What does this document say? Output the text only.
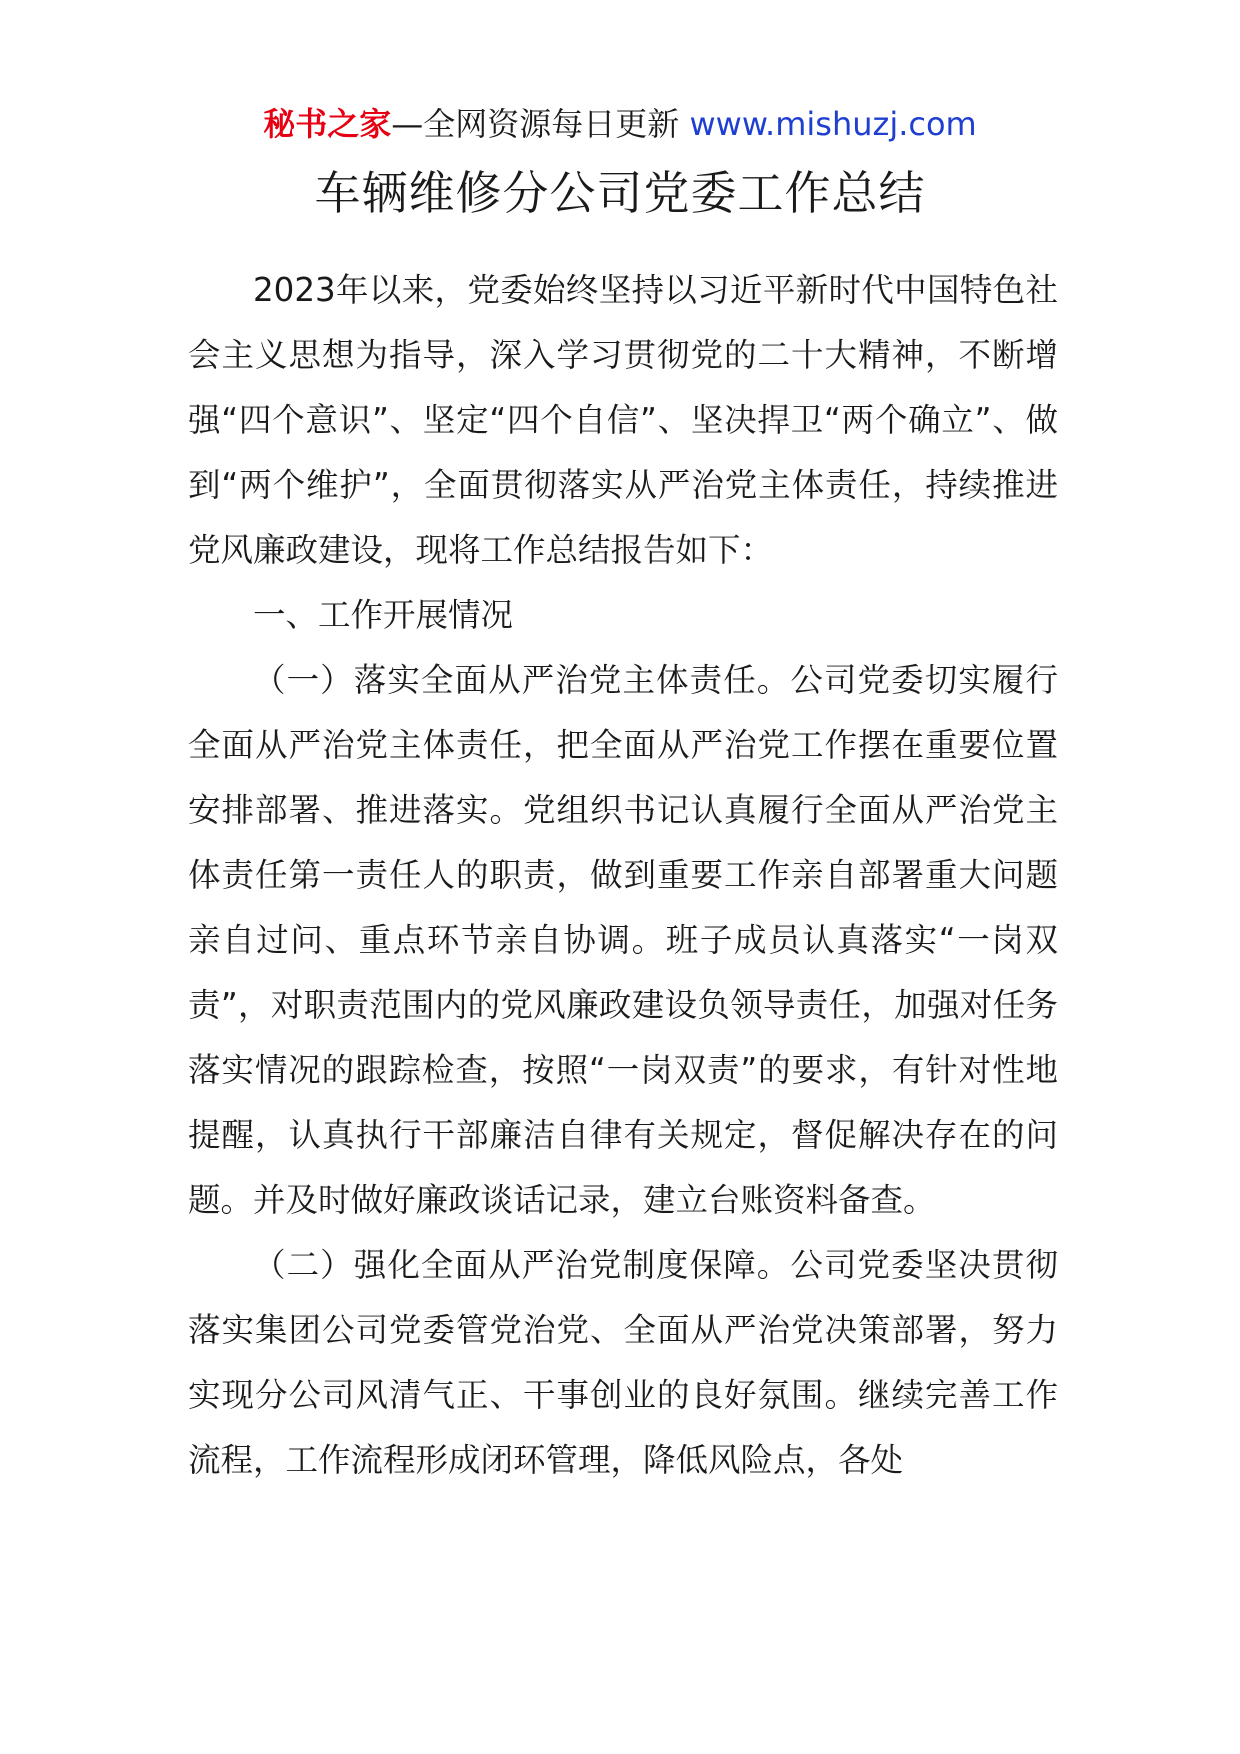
秘书之家—全网资源每日更新 www.mishuzj.com
车辆维修分公司党委工作总结

2023年以来，党委始终坚持以习近平新时代中国特色社会主义思想为指导，深入学习贯彻党的二十大精神，不断增强“四个意识”、坚定“四个自信”、坚决捍卫“两个确立”、做到“两个维护”，全面贯彻落实从严治党主体责任，持续推进党风廉政建设，现将工作总结报告如下：

一、工作开展情况

（一）落实全面从严治党主体责任。公司党委切实履行全面从严治党主体责任，把全面从严治党工作摆在重要位置安排部署、推进落实。党组织书记认真履行全面从严治党主体责任第一责任人的职责，做到重要工作亲自部署重大问题亲自过问、重点环节亲自协调。班子成员认真落实“一岗双责”，对职责范围内的党风廉政建设负领导责任，加强对任务落实情况的跟踪检查，按照“一岗双责”的要求，有针对性地提醒，认真执行干部廉洁自律有关规定，督促解决存在的问题。并及时做好廉政谈话记录，建立台账资料备查。

（二）强化全面从严治党制度保障。公司党委坚决贯彻落实集团公司党委管党治党、全面从严治党决策部署，努力实现分公司风清气正、干事创业的良好氛围。继续完善工作流程，工作流程形成闭环管理，降低风险点，各处
